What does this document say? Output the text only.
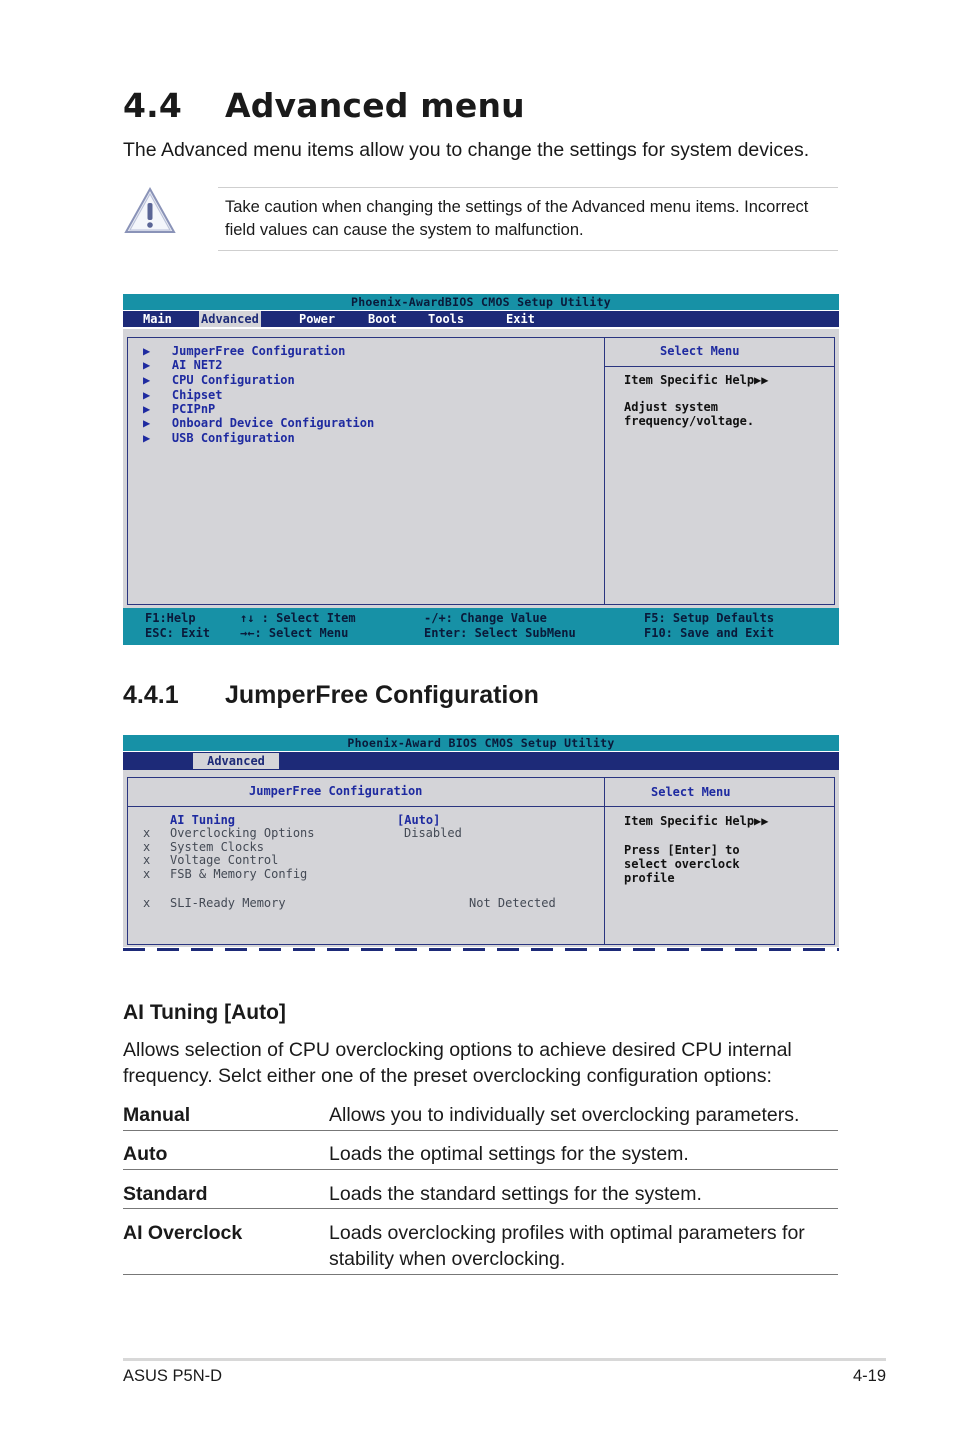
4.4 Advanced menu
The Advanced menu items allow you to change the settings for system devices.
Take caution when changing the settings of the Advanced menu items. Incorrect field values can cause the system to malfunction.
Phoenix-AwardBIOS CMOS Setup Utility
Main Advanced	Power	Boot	Tools	Exit
Select Menu
Item Specific Help▶▶
Adjust system
frequency/voltage.
▶ JumperFree Configuration
▶ AI NET2
▶ CPU Configuration
▶ Chipset
▶ PCIPnP
▶ Onboard Device Configuration
▶ USB Configuration
F1:Help	↑↓ : Select Item	-/+: Change Value	F5: Setup Defaults
ESC: Exit →←: Select Menu	Enter: Select SubMenu	F10: Save and Exit
4.4.1 JumperFree Configuration
Phoenix-Award BIOS CMOS Setup Utility
Advanced
JumperFree Configuration	Select Menu
Item Specific Help▶▶
Press [Enter] to
select overclock
profile
AI Tuning	[Auto]
x Overclocking Options	Disabled
x System Clocks
x Voltage Control
x FSB & Memory Config
x SLI-Ready Memory	Not Detected
AI Tuning [Auto]
Allows selection of CPU overclocking options to achieve desired CPU internal frequency. Selct either one of the preset overclocking configuration options:
Manual	Allows you to individually set overclocking parameters.
Auto	Loads the optimal settings for the system.
Standard	Loads the standard settings for the system.
AI Overclock	Loads overclocking profiles with optimal parameters for stability when overclocking.
ASUS P5N-D	4-19
